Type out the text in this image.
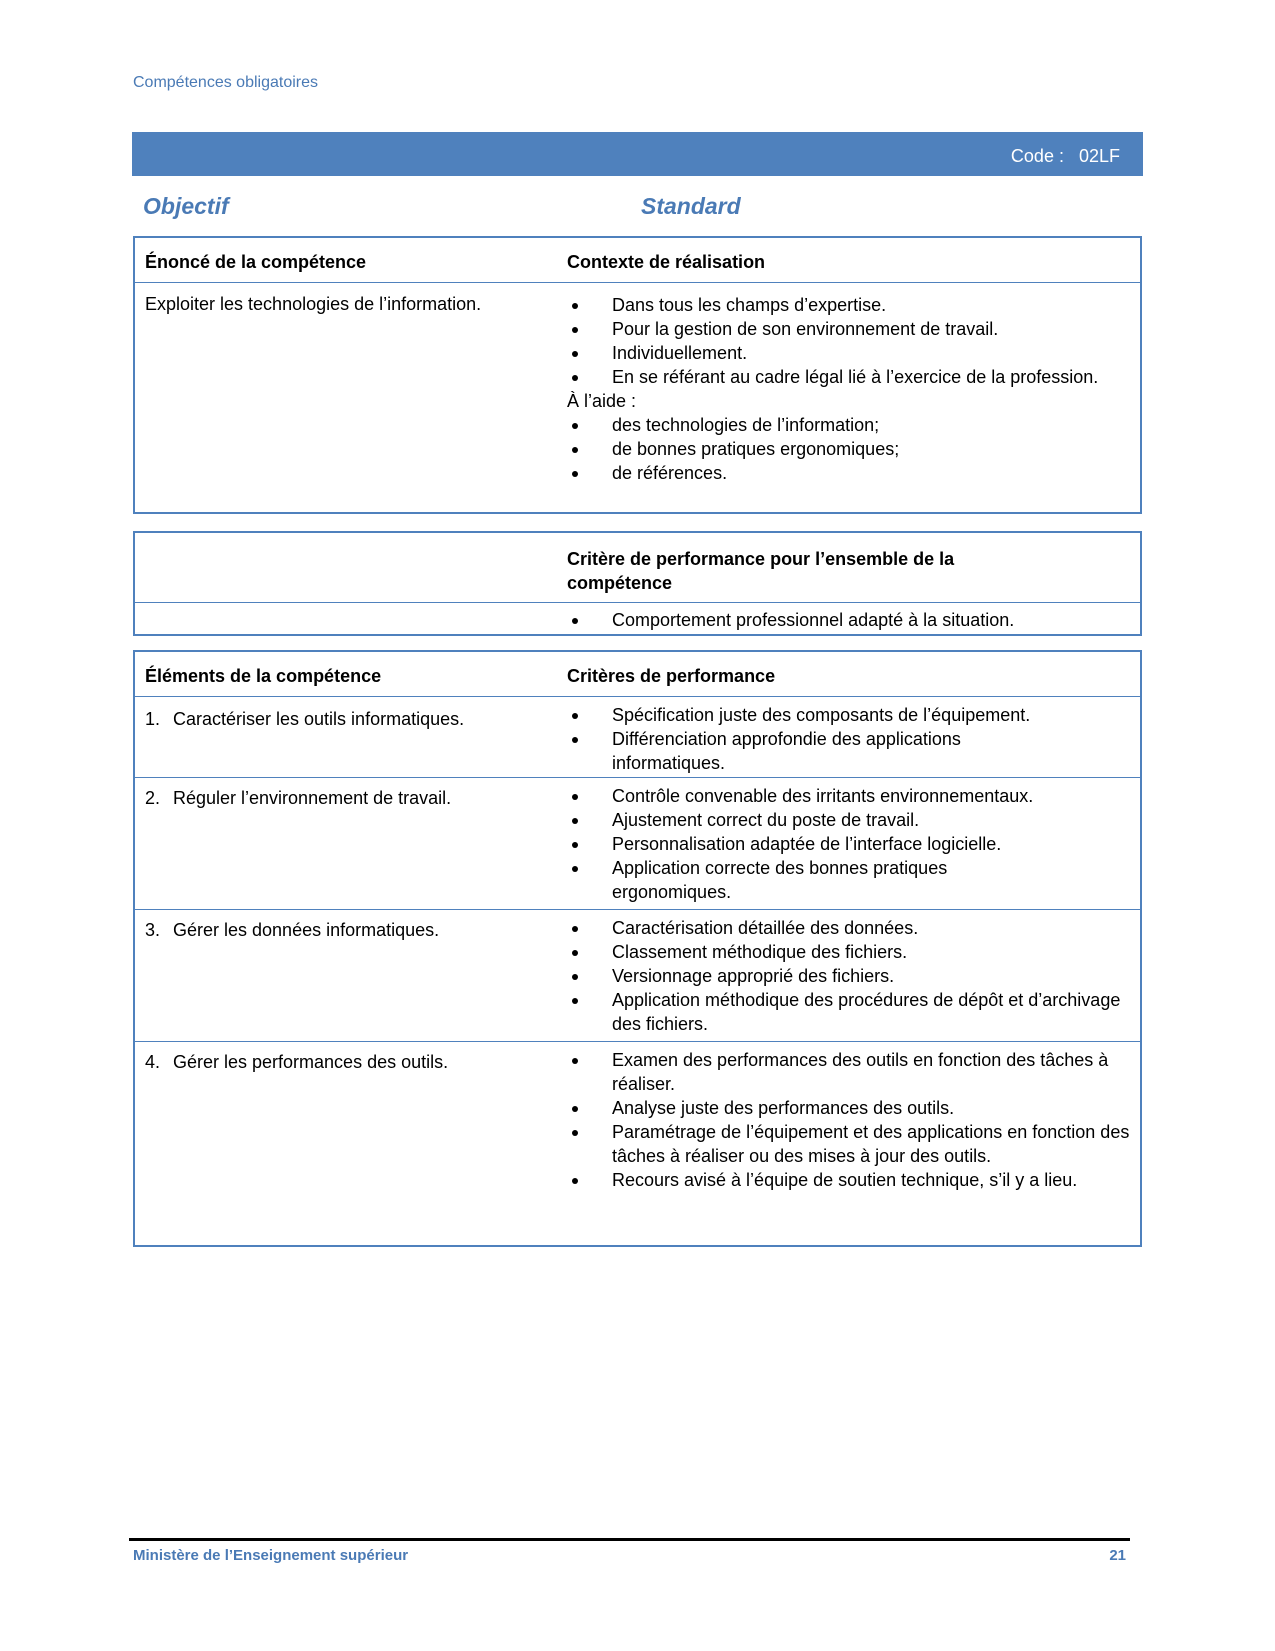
Compétences obligatoires
Code :   02LF
Objectif	Standard
Énoncé de la compétence	Contexte de réalisation
Exploiter les technologies de l’information.	Dans tous les champs d’expertise.
Pour la gestion de son environnement de travail.
Individuellement.
En se référant au cadre légal lié à l’exercice de la profession.
À l’aide :
des technologies de l’information;
de bonnes pratiques ergonomiques;
de références.
Critère de performance pour l’ensemble de la compétence
Comportement professionnel adapté à la situation.
Éléments de la compétence	Critères de performance
1. Caractériser les outils informatiques.	Spécification juste des composants de l’équipement.
Différenciation approfondie des applications informatiques.
2. Réguler l’environnement de travail.	Contrôle convenable des irritants environnementaux.
Ajustement correct du poste de travail.
Personnalisation adaptée de l’interface logicielle.
Application correcte des bonnes pratiques ergonomiques.
3. Gérer les données informatiques.	Caractérisation détaillée des données.
Classement méthodique des fichiers.
Versionnage approprié des fichiers.
Application méthodique des procédures de dépôt et d’archivage des fichiers.
4. Gérer les performances des outils.	Examen des performances des outils en fonction des tâches à réaliser.
Analyse juste des performances des outils.
Paramétrage de l’équipement et des applications en fonction des tâches à réaliser ou des mises à jour des outils.
Recours avisé à l’équipe de soutien technique, s’il y a lieu.
Ministère de l’Enseignement supérieur	21
